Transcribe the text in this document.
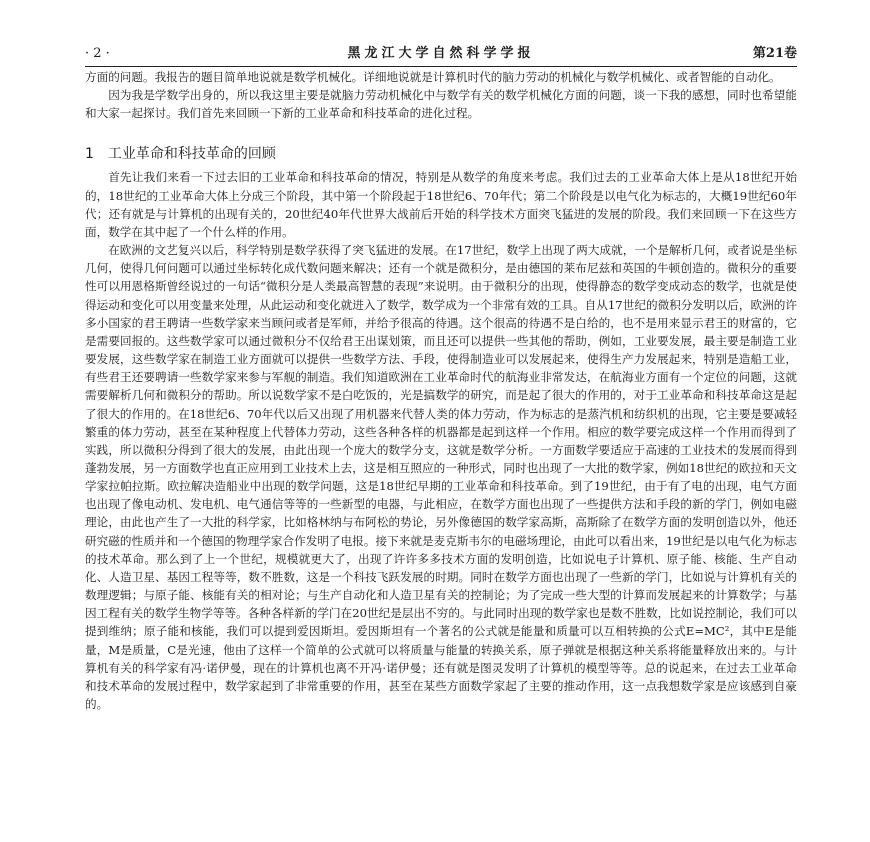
· 2 ·	黑龙江大学自然科学学报	第21卷

方面的问题。我报告的题目简单地说就是数学机械化。详细地说就是计算机时代的脑力劳动的机械化与数学机械化、或者智能的自动化。

因为我是学数学出身的，所以我这里主要是就脑力劳动机械化中与数学有关的数学机械化方面的问题，谈一下我的感想，同时也希望能和大家一起探讨。我们首先来回顾一下新的工业革命和科技革命的进化过程。

1 工业革命和科技革命的回顾

首先让我们来看一下过去旧的工业革命和科技革命的情况，特别是从数学的角度来考虑。我们过去的工业革命大体上是从18世纪开始的，18世纪的工业革命大体上分成三个阶段，其中第一个阶段起于18世纪6、70年代；第二个阶段是以电气化为标志的，大概19世纪60年代；还有就是与计算机的出现有关的，20世纪40年代世界大战前后开始的科学技术方面突飞猛进的发展的阶段。我们来回顾一下在这些方面，数学在其中起了一个什么样的作用。

在欧洲的文艺复兴以后，科学特别是数学获得了突飞猛进的发展。在17世纪，数学上出现了两大成就，一个是解析几何，或者说是坐标几何，使得几何问题可以通过坐标转化成代数问题来解决；还有一个就是微积分，是由德国的莱布尼兹和英国的牛顿创造的。微积分的重要性可以用恩格斯曾经说过的一句话“微积分是人类最高智慧的表现”来说明。由于微积分的出现，使得静态的数学变成动态的数学，也就是使得运动和变化可以用变量来处理，从此运动和变化就进入了数学，数学成为一个非常有效的工具。自从17世纪的微积分发明以后，欧洲的许多小国家的君王聘请一些数学家来当顾问或者是军师，并给予很高的待遇。这个很高的待遇不是白给的，也不是用来显示君王的财富的，它是需要回报的。这些数学家可以通过微积分不仅给君王出谋划策，而且还可以提供一些其他的帮助，例如，工业要发展，最主要是制造工业要发展，这些数学家在制造工业方面就可以提供一些数学方法、手段，使得制造业可以发展起来，使得生产力发展起来，特别是造船工业，有些君王还要聘请一些数学家来参与军舰的制造。我们知道欧洲在工业革命时代的航海业非常发达，在航海业方面有一个定位的问题，这就需要解析几何和微积分的帮助。所以说数学家不是白吃饭的，光是搞数学的研究，而是起了很大的作用的，对于工业革命和科技革命这是起了很大的作用的。在18世纪6、70年代以后又出现了用机器来代替人类的体力劳动，作为标志的是蒸汽机和纺织机的出现，它主要是要减轻繁重的体力劳动，甚至在某种程度上代替体力劳动，这些各种各样的机器都是起到这样一个作用。相应的数学要完成这样一个作用而得到了实践，所以微积分得到了很大的发展，由此出现一个庞大的数学分支，这就是数学分析。一方面数学要适应于高速的工业技术的发展而得到蓬勃发展，另一方面数学也直正应用到工业技术上去，这是相互照应的一种形式，同时也出现了一大批的数学家，例如18世纪的欧拉和天文学家拉帕拉斯。欧拉解决造船业中出现的数学问题，这是18世纪早期的工业革命和科技革命。到了19世纪，由于有了电的出现，电气方面也出现了像电动机、发电机、电气通信等等的一些新型的电器，与此相应，在数学方面也出现了一些提供方法和手段的新的学门，例如电磁理论，由此也产生了一大批的科学家，比如格林纳与布阿松的势论，另外像德国的数学家高斯，高斯除了在数学方面的发明创造以外，他还研究磁的性质并和一个德国的物理学家合作发明了电报。接下来就是麦克斯韦尔的电磁场理论，由此可以看出来，19世纪是以电气化为标志的技术革命。那么到了上一个世纪，规模就更大了，出现了许许多多技术方面的发明创造，比如说电子计算机、原子能、核能、生产自动化、人造卫星、基因工程等等，数不胜数，这是一个科技飞跃发展的时期。同时在数学方面也出现了一些新的学门，比如说与计算机有关的数理逻辑；与原子能、核能有关的相对论；与生产自动化和人造卫星有关的控制论；为了完成一些大型的计算而发展起来的计算数学；与基因工程有关的数学生物学等等。各种各样新的学门在20世纪是层出不穷的。与此同时出现的数学家也是数不胜数，比如说控制论，我们可以提到维纳；原子能和核能，我们可以提到爱因斯坦。爱因斯坦有一个著名的公式就是能量和质量可以互相转换的公式E=MC²，其中E是能量，M是质量，C是光速，他由了这样一个简单的公式就可以将质量与能量的转换关系，原子弹就是根据这种关系将能量释放出来的。与计算机有关的科学家有冯·诺伊曼，现在的计算机也离不开冯·诺伊曼；还有就是图灵发明了计算机的模型等等。总的说起来，在过去工业革命和技术革命的发展过程中，数学家起到了非常重要的作用，甚至在某些方面数学家起了主要的推动作用，这一点我想数学家是应该感到自豪的。
